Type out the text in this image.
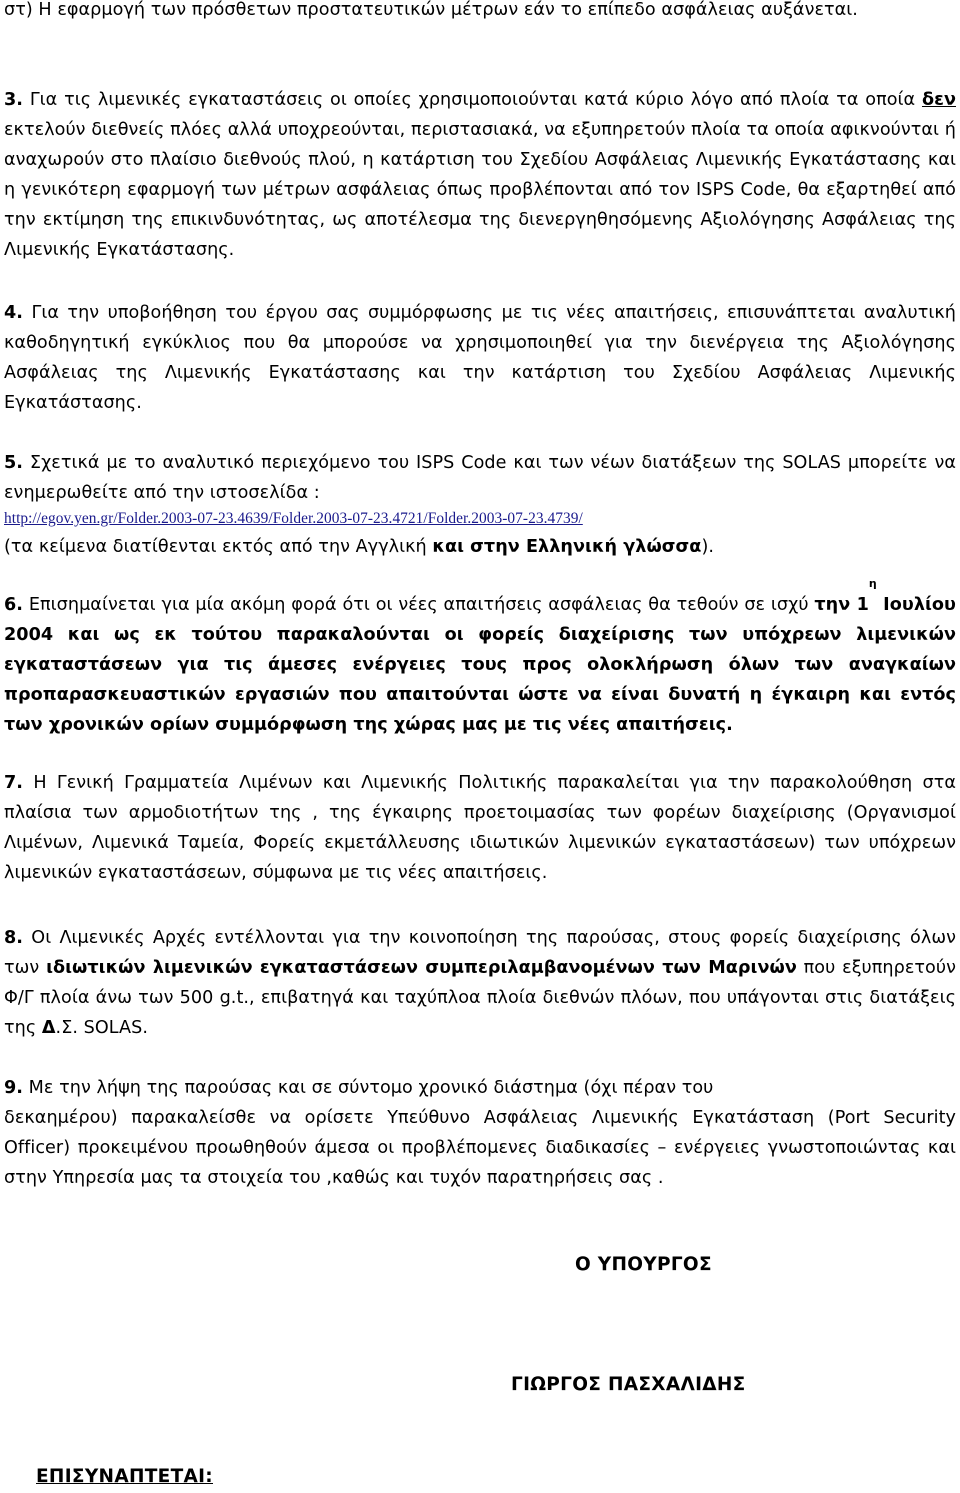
στ) Η εφαρμογή των πρόσθετων προστατευτικών μέτρων εάν το επίπεδο ασφάλειας αυξάνεται.
3. Για τις λιμενικές εγκαταστάσεις οι οποίες χρησιμοποιούνται κατά κύριο λόγο από πλοία τα οποία δεν εκτελούν διεθνείς πλόες αλλά υποχρεούνται, περιστασιακά, να εξυπηρετούν πλοία τα οποία αφικνούνται ή αναχωρούν στο πλαίσιο διεθνούς πλού, η κατάρτιση του Σχεδίου Ασφάλειας Λιμενικής Εγκατάστασης και η γενικότερη εφαρμογή των μέτρων ασφάλειας όπως προβλέπονται από τον ISPS Code, θα εξαρτηθεί από την εκτίμηση της επικινδυνότητας, ως αποτέλεσμα της διενεργηθησόμενης Αξιολόγησης Ασφάλειας της Λιμενικής Εγκατάστασης.
4. Για την υποβοήθηση του έργου σας συμμόρφωσης με τις νέες απαιτήσεις, επισυνάπτεται αναλυτική καθοδηγητική εγκύκλιος που θα μπορούσε να χρησιμοποιηθεί για την διενέργεια της Αξιολόγησης Ασφάλειας της Λιμενικής Εγκατάστασης και την κατάρτιση του Σχεδίου Ασφάλειας Λιμενικής Εγκατάστασης.
5. Σχετικά με το αναλυτικό περιεχόμενο του ISPS Code και των νέων διατάξεων της SOLAS μπορείτε να ενημερωθείτε από την ιστοσελίδα :
http://egov.yen.gr/Folder.2003-07-23.4639/Folder.2003-07-23.4721/Folder.2003-07-23.4739/
(τα κείμενα διατίθενται εκτός από την Αγγλική και στην Ελληνική γλώσσα).
6. Επισημαίνεται για μία ακόμη φορά ότι οι νέες απαιτήσεις ασφάλειας θα τεθούν σε ισχύ την $1^\eta$ Ιουλίου 2004 και ως εκ τούτου παρακαλούνται οι φορείς διαχείρισης των υπόχρεων λιμενικών εγκαταστάσεων για τις άμεσες ενέργειες τους προς ολοκλήρωση όλων των αναγκαίων προπαρασκευαστικών εργασιών που απαιτούνται ώστε να είναι δυνατή η έγκαιρη και εντός των χρονικών ορίων συμμόρφωση της χώρας μας με τις νέες απαιτήσεις.
7. Η Γενική Γραμματεία Λιμένων και Λιμενικής Πολιτικής παρακαλείται για την παρακολούθηση στα πλαίσια των αρμοδιοτήτων της , της έγκαιρης προετοιμασίας των φορέων διαχείρισης (Οργανισμοί Λιμένων, Λιμενικά Ταμεία, Φορείς εκμετάλλευσης ιδιωτικών λιμενικών εγκαταστάσεων) των υπόχρεων λιμενικών εγκαταστάσεων, σύμφωνα με τις νέες απαιτήσεις.
8. Οι Λιμενικές Αρχές εντέλλονται για την κοινοποίηση της παρούσας, στους φορείς διαχείρισης όλων των ιδιωτικών λιμενικών εγκαταστάσεων συμπεριλαμβανομένων των Μαρινών που εξυπηρετούν Φ/Γ πλοία άνω των 500 g.t., επιβατηγά και ταχύπλοα πλοία διεθνών πλόων, που υπάγονται στις διατάξεις της Δ.Σ. SOLAS.
9. Με την λήψη της παρούσας και σε σύντομο χρονικό διάστημα (όχι πέραν του
δεκαημέρου) παρακαλείσθε να ορίσετε Υπεύθυνο Ασφάλειας Λιμενικής Εγκατάσταση (Port Security Officer) προκειμένου προωθηθούν άμεσα οι προβλέπομενες διαδικασίες – ενέργειες γνωστοποιώντας και στην Υπηρεσία μας τα στοιχεία του ,καθώς και τυχόν παρατηρήσεις σας .
Ο ΥΠΟΥΡΓΟΣ
ΓΙΩΡΓΟΣ ΠΑΣΧΑΛΙΔΗΣ
ΕΠΙΣΥΝΑΠΤΕΤΑΙ:
